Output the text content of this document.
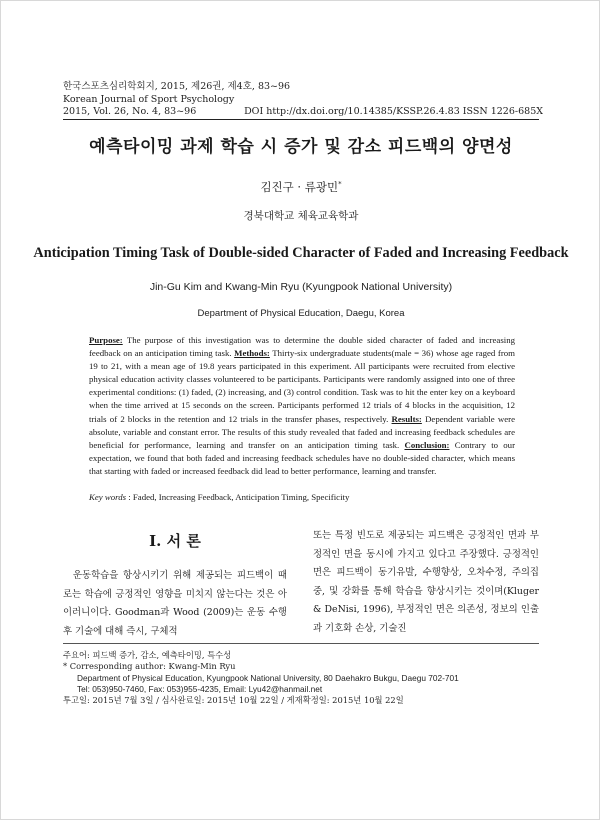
한국스포츠심리학회지, 2015, 제26권, 제4호, 83~96
Korean Journal of Sport Psychology
2015, Vol. 26, No. 4, 83~96	DOI http://dx.doi.org/10.14385/KSSP.26.4.83 ISSN 1226-685X
예측타이밍 과제 학습 시 증가 및 감소 피드백의 양면성
김진구 · 류광민*
경북대학교 체육교육학과
Anticipation Timing Task of Double-sided Character of Faded and Increasing Feedback
Jin-Gu Kim and Kwang-Min Ryu (Kyungpook National University)
Department of Physical Education, Daegu, Korea
Purpose: The purpose of this investigation was to determine the double sided character of faded and increasing feedback on an anticipation timing task. Methods: Thirty-six undergraduate students(male = 36) whose age raged from 19 to 21, with a mean age of 19.8 years participated in this experiment. All participants were recruited from elective physical education activity classes volunteered to be participants. Participants were randomly assigned into one of three experimental conditions: (1) faded, (2) increasing, and (3) control condition. Task was to hit the enter key on a keyboard when the time arrived at 15 seconds on the screen. Participants performed 12 trials of 4 blocks in the acquisition, 12 trials of 2 blocks in the retention and 12 trials in the transfer phases, respectively. Results: Dependent variable were absolute, variable and constant error. The results of this study revealed that faded and increasing feedback schedules are beneficial for performance, learning and transfer on an anticipation timing task. Conclusion: Contrary to our expectation, we found that both faded and increasing feedback schedules have no double-sided character, which means that starting with faded or increased feedback did lead to better performance, learning and transfer.
Key words : Faded, Increasing Feedback, Anticipation Timing, Specificity
I. 서 론

운동학습을 항상시키기 위해 제공되는 피드백이 때로는 학습에 긍정적인 영향을 미치지 않는다는 것은 아이러니이다. Goodman과 Wood (2009)는 운동 수행 후 기술에 대해 즉시, 구체적

또는 특정 빈도로 제공되는 피드백은 긍정적인 면과 부정적인 면을 동시에 가지고 있다고 주장했다. 긍정적인 면은 피드백이 동기유발, 수행향상, 오차수정, 주의집중, 및 강화를 통해 학습을 향상시키는 것이며(Kluger & DeNisi, 1996), 부정적인 면은 의존성, 정보의 인출과 기호화 손상, 기술진

주요어: 피드백 증가, 감소, 예측타이밍, 특수성
* Corresponding author: Kwang-Min Ryu
Department of Physical Education, Kyungpook National University, 80 Daehakro Bukgu, Daegu 702-701
Tel: 053)950-7460, Fax: 053)955-4235, Email: Lyu42@hanmail.net
투고일: 2015년 7월 3일 / 심사완료일: 2015년 10월 22일 / 게재확정일: 2015년 10월 22일
